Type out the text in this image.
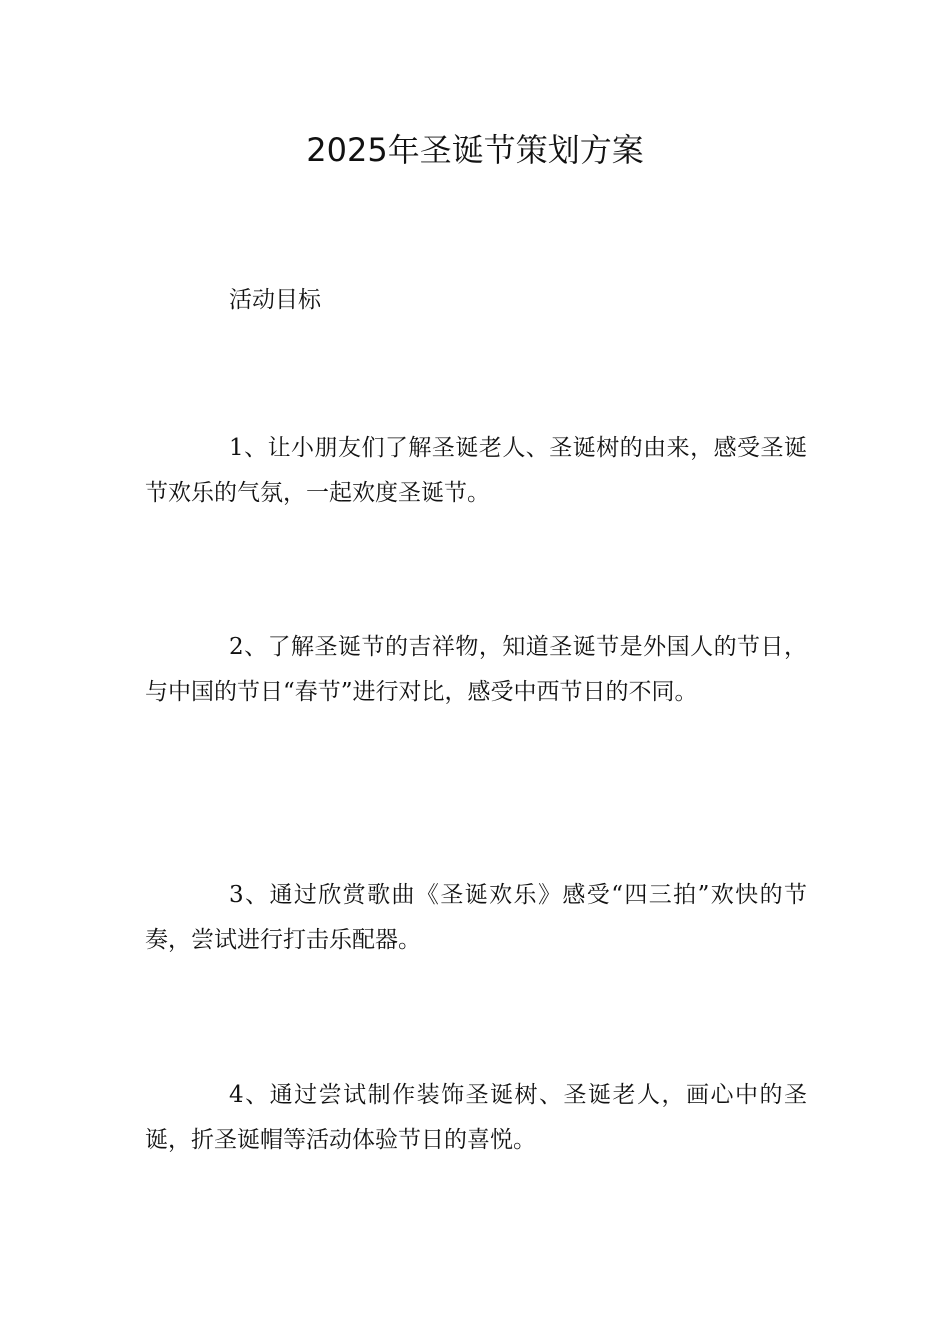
2025年圣诞节策划方案
活动目标

1、让小朋友们了解圣诞老人、圣诞树的由来，感受圣诞节欢乐的气氛，一起欢度圣诞节。

2、了解圣诞节的吉祥物，知道圣诞节是外国人的节日，与中国的节日“春节”进行对比，感受中西节日的不同。

3、通过欣赏歌曲《圣诞欢乐》感受“四三拍”欢快的节奏，尝试进行打击乐配器。

4、通过尝试制作装饰圣诞树、圣诞老人，画心中的圣诞，折圣诞帽等活动体验节日的喜悦。
